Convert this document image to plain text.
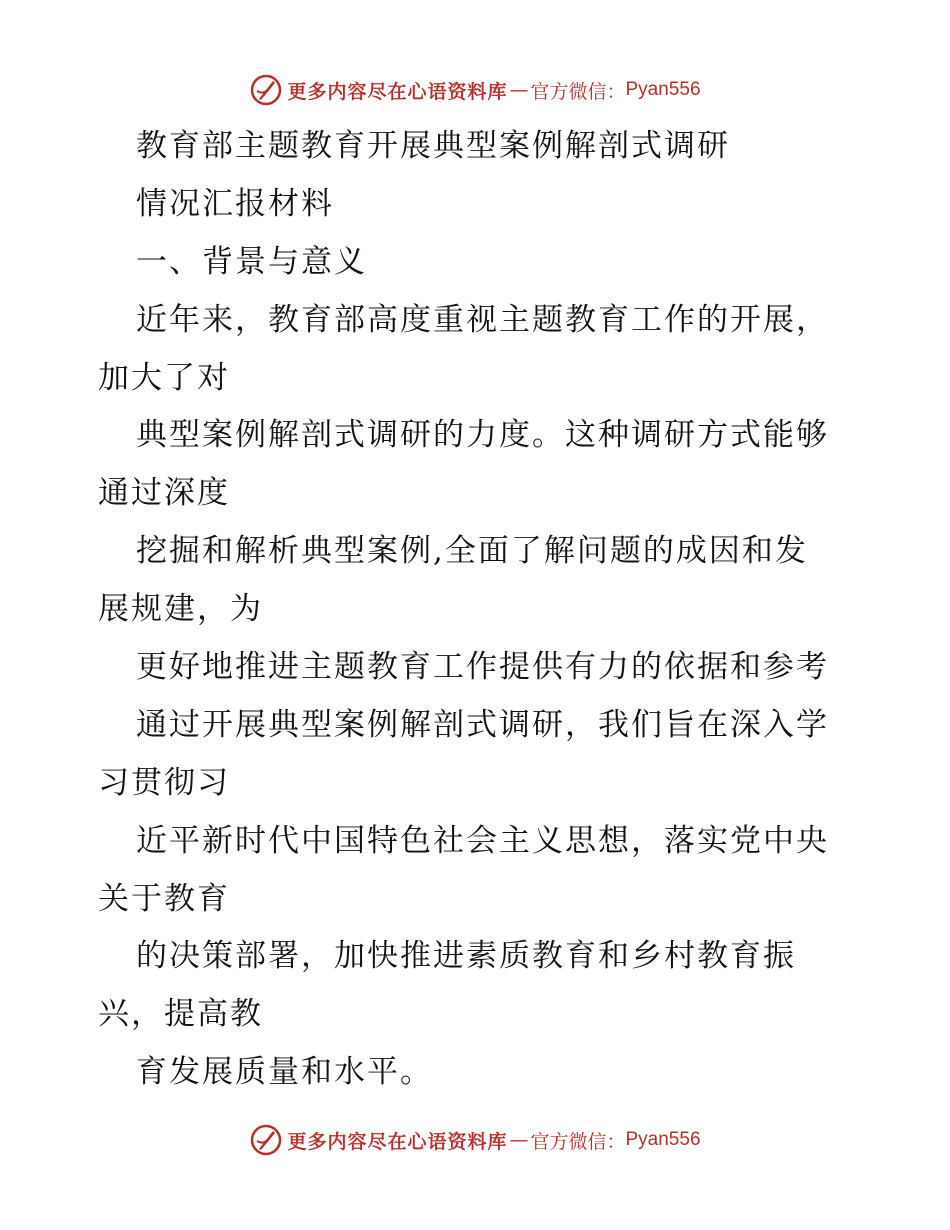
更多内容尽在心语资料库 — 官方微信： Pyan556
教育部主题教育开展典型案例解剖式调研
情况汇报材料
一、背景与意义
近年来，教育部高度重视主题教育工作的开展，
加大了对
典型案例解剖式调研的力度。这种调研方式能够
通过深度
挖掘和解析典型案例,全面了解问题的成因和发
展规建，为
更好地推进主题教育工作提供有力的依据和参考
通过开展典型案例解剖式调研，我们旨在深入学
习贯彻习
近平新时代中国特色社会主义思想，落实党中央
关于教育
的决策部署，加快推进素质教育和乡村教育振
兴，提高教
育发展质量和水平。
更多内容尽在心语资料库 — 官方微信： Pyan556
